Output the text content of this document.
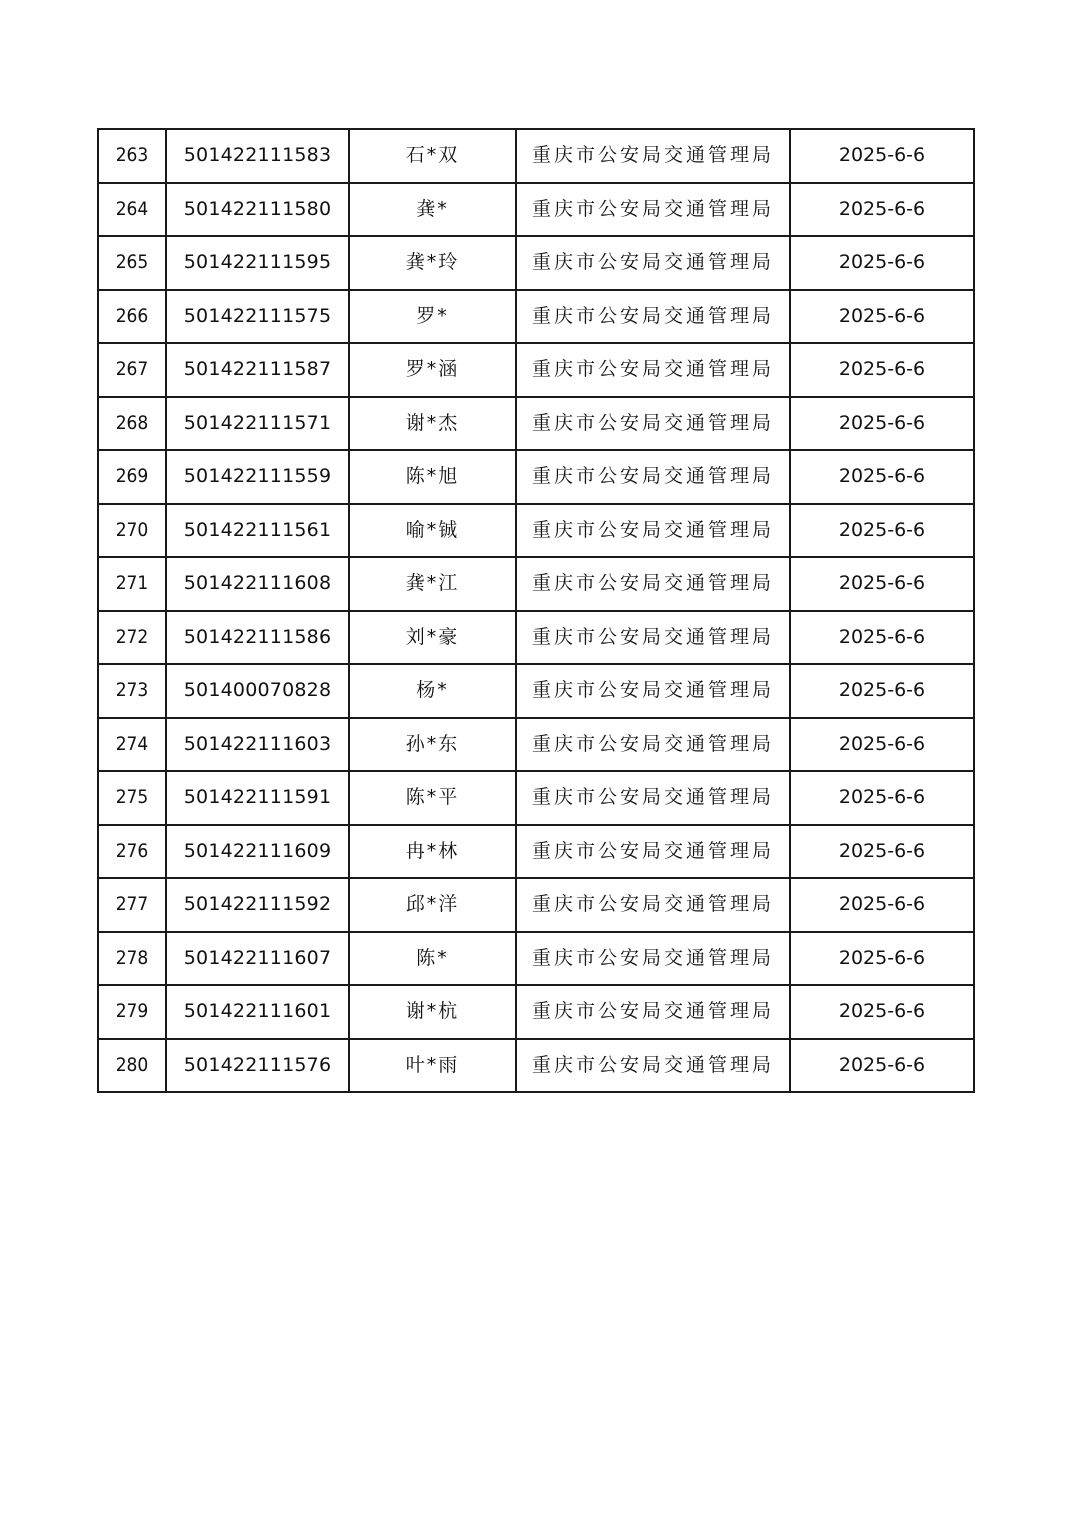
263	501422111583	石*双	重庆市公安局交通管理局	2025-6-6
264	501422111580	龚*	重庆市公安局交通管理局	2025-6-6
265	501422111595	龚*玲	重庆市公安局交通管理局	2025-6-6
266	501422111575	罗*	重庆市公安局交通管理局	2025-6-6
267	501422111587	罗*涵	重庆市公安局交通管理局	2025-6-6
268	501422111571	谢*杰	重庆市公安局交通管理局	2025-6-6
269	501422111559	陈*旭	重庆市公安局交通管理局	2025-6-6
270	501422111561	喻*铖	重庆市公安局交通管理局	2025-6-6
271	501422111608	龚*江	重庆市公安局交通管理局	2025-6-6
272	501422111586	刘*豪	重庆市公安局交通管理局	2025-6-6
273	501400070828	杨*	重庆市公安局交通管理局	2025-6-6
274	501422111603	孙*东	重庆市公安局交通管理局	2025-6-6
275	501422111591	陈*平	重庆市公安局交通管理局	2025-6-6
276	501422111609	冉*林	重庆市公安局交通管理局	2025-6-6
277	501422111592	邱*洋	重庆市公安局交通管理局	2025-6-6
278	501422111607	陈*	重庆市公安局交通管理局	2025-6-6
279	501422111601	谢*杭	重庆市公安局交通管理局	2025-6-6
280	501422111576	叶*雨	重庆市公安局交通管理局	2025-6-6
